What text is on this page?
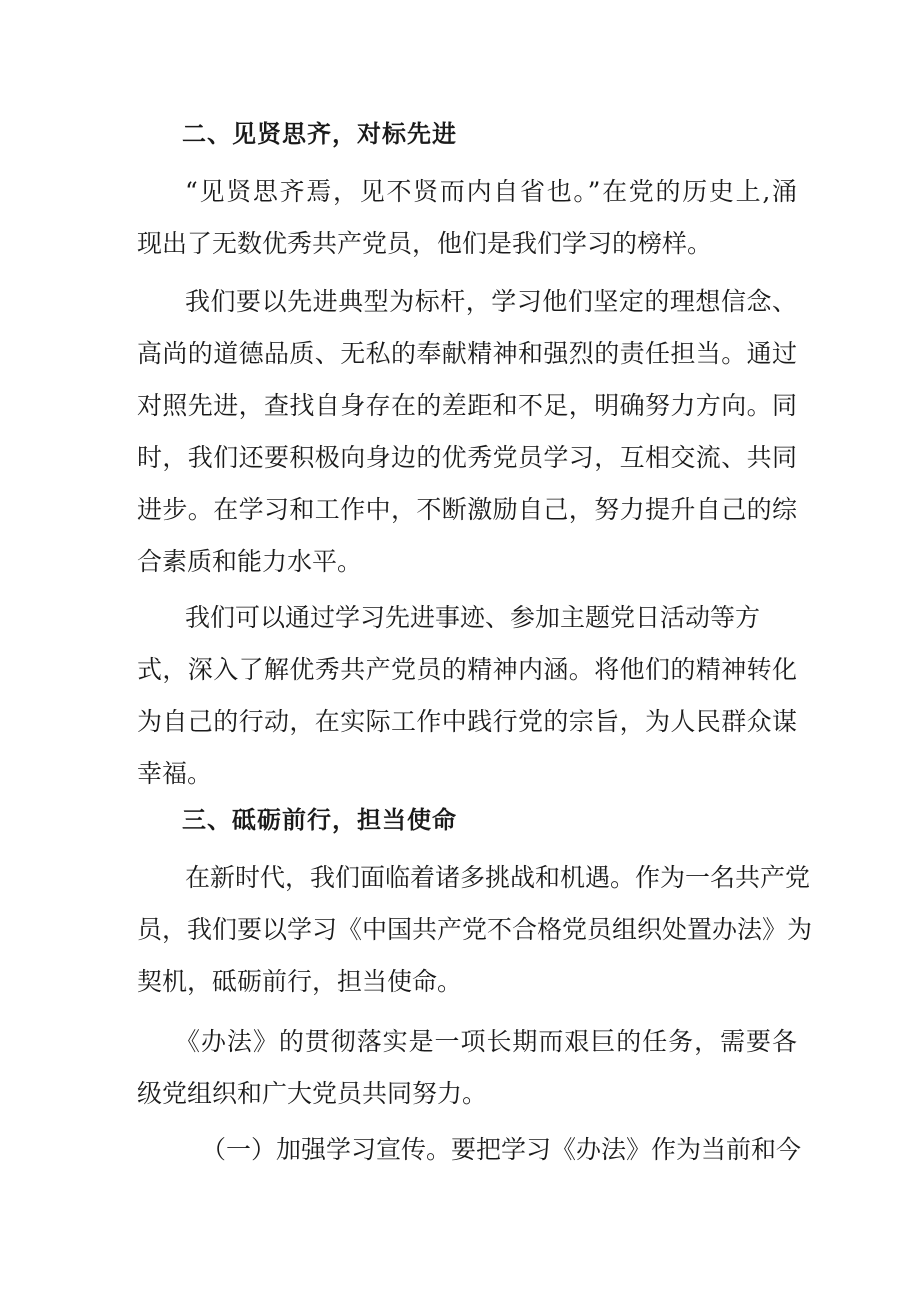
二、见贤思齐，对标先进
“见贤思齐焉，见不贤而内自省也。”在党的历史上,涌
现出了无数优秀共产党员，他们是我们学习的榜样。
我们要以先进典型为标杆，学习他们坚定的理想信念、
高尚的道德品质、无私的奉献精神和强烈的责任担当。通过
对照先进，查找自身存在的差距和不足，明确努力方向。同
时，我们还要积极向身边的优秀党员学习，互相交流、共同
进步。在学习和工作中，不断激励自己，努力提升自己的综
合素质和能力水平。
我们可以通过学习先进事迹、参加主题党日活动等方
式，深入了解优秀共产党员的精神内涵。将他们的精神转化
为自己的行动，在实际工作中践行党的宗旨，为人民群众谋
幸福。
三、砥砺前行，担当使命
在新时代，我们面临着诸多挑战和机遇。作为一名共产党
员，我们要以学习《中国共产党不合格党员组织处置办法》为
契机，砥砺前行，担当使命。
《办法》的贯彻落实是一项长期而艰巨的任务，需要各
级党组织和广大党员共同努力。
（一）加强学习宣传。要把学习《办法》作为当前和今
